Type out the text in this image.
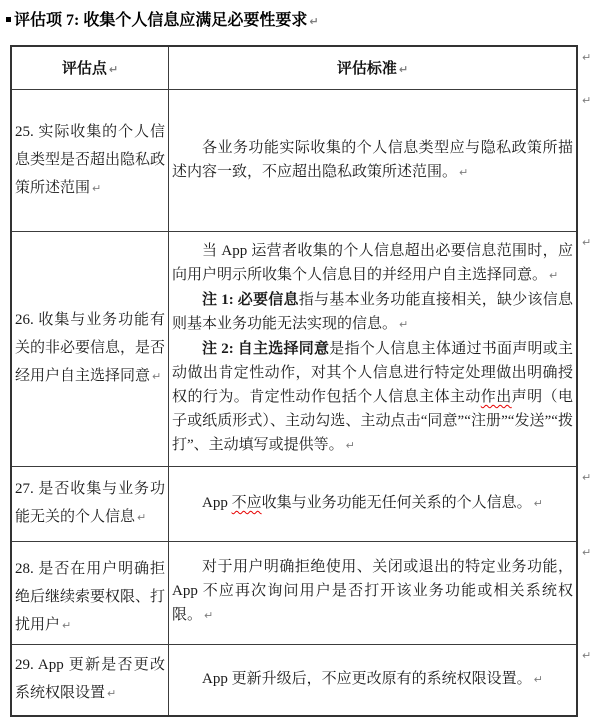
评估项 7: 收集个人信息应满足必要性要求 ↵
评估点 ↵	评估标准 ↵

25. 实际收集的个人信息类型是否超出隐私政策所述范围 ↵	各业务功能实际收集的个人信息类型应与隐私政策所描述内容一致，不应超出隐私政策所述范围。 ↵

26. 收集与业务功能有关的非必要信息，是否经用户自主选择同意 ↵	当 App 运营者收集的个人信息超出必要信息范围时，应向用户明示所收集个人信息目的并经用户自主选择同意。 ↵
注 1: 必要信息指与基本业务功能直接相关，缺少该信息则基本业务功能无法实现的信息。 ↵
注 2: 自主选择同意是指个人信息主体通过书面声明或主动做出肯定性动作，对其个人信息进行特定处理做出明确授权的行为。肯定性动作包括个人信息主体主动作出声明（电子或纸质形式）、主动勾选、主动点击“同意”“注册”“发送”“拨打”、主动填写或提供等。 ↵

27. 是否收集与业务功能无关的个人信息 ↵	App 不应收集与业务功能无任何关系的个人信息。 ↵

28. 是否在用户明确拒绝后继续索要权限、打扰用户 ↵	对于用户明确拒绝使用、关闭或退出的特定业务功能，App 不应再次询问用户是否打开该业务功能或相关系统权限。 ↵

29. App 更新是否更改系统权限设置 ↵	App 更新升级后，不应更改原有的系统权限设置。 ↵
↵
↵
↵
↵
↵
↵
